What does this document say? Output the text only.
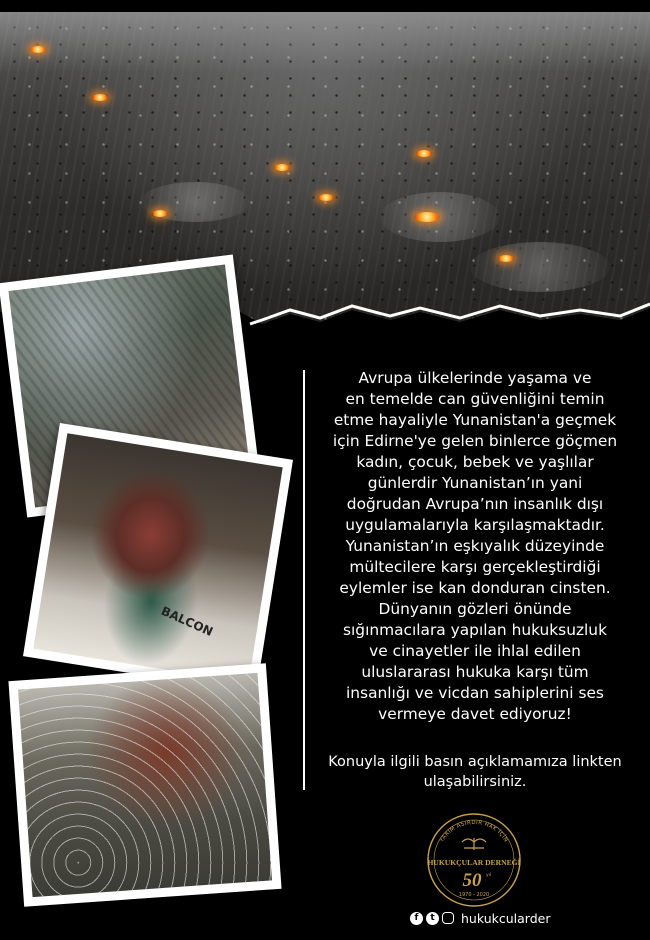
BALCON

Avrupa ülkelerinde yaşama ve
en temelde can güvenliğini temin
etme hayaliyle Yunanistan'a geçmek
için Edirne'ye gelen binlerce göçmen
kadın, çocuk, bebek ve yaşlılar
günlerdir Yunanistan’ın yani
doğrudan Avrupa’nın insanlık dışı
uygulamalarıyla karşılaşmaktadır.
Yunanistan’ın eşkıyalık düzeyinde
mültecilere karşı gerçekleştirdiği
eylemler ise kan donduran cinsten.
Dünyanın gözleri önünde
sığınmacılara yapılan hukuksuzluk
ve cinayetler ile ihlal edilen
uluslararası hukuka karşı tüm
insanlığı ve vicdan sahiplerini ses
vermeye davet ediyoruz!

Konuyla ilgili basın açıklamamıza linkten
ulaşabilirsiniz.

YARIM ASIRDIR HAK İÇİN
HUKUKÇULAR DERNEĞİ
50 yıl
1970 - 2020
f	t	hukukcularder
